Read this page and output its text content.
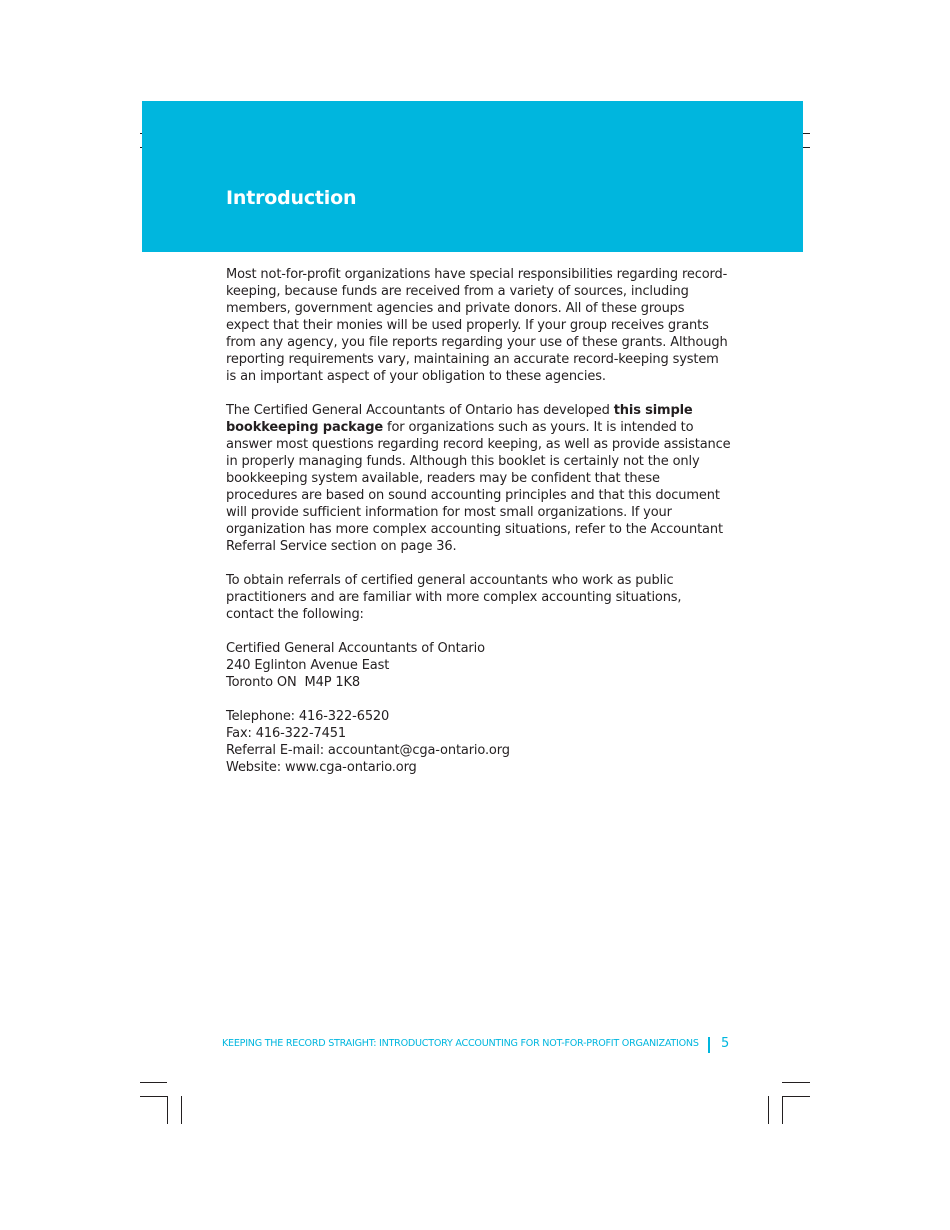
Introduction

Most not-for-profit organizations have special responsibilities regarding record-keeping, because funds are received from a variety of sources, including members, government agencies and private donors. All of these groups expect that their monies will be used properly. If your group receives grants from any agency, you file reports regarding your use of these grants. Although reporting requirements vary, maintaining an accurate record-keeping system is an important aspect of your obligation to these agencies.

The Certified General Accountants of Ontario has developed this simple bookkeeping package for organizations such as yours. It is intended to answer most questions regarding record keeping, as well as provide assistance in properly managing funds. Although this booklet is certainly not the only bookkeeping system available, readers may be confident that these procedures are based on sound accounting principles and that this document will provide sufficient information for most small organizations. If your organization has more complex accounting situations, refer to the Accountant Referral Service section on page 36.

To obtain referrals of certified general accountants who work as public practitioners and are familiar with more complex accounting situations, contact the following:

Certified General Accountants of Ontario
240 Eglinton Avenue East
Toronto ON  M4P 1K8
Telephone: 416-322-6520
Fax: 416-322-7451
Referral E-mail: accountant@cga-ontario.org
Website: www.cga-ontario.org
KEEPING THE RECORD STRAIGHT: INTRODUCTORY ACCOUNTING FOR NOT-FOR-PROFIT ORGANIZATIONS 5
